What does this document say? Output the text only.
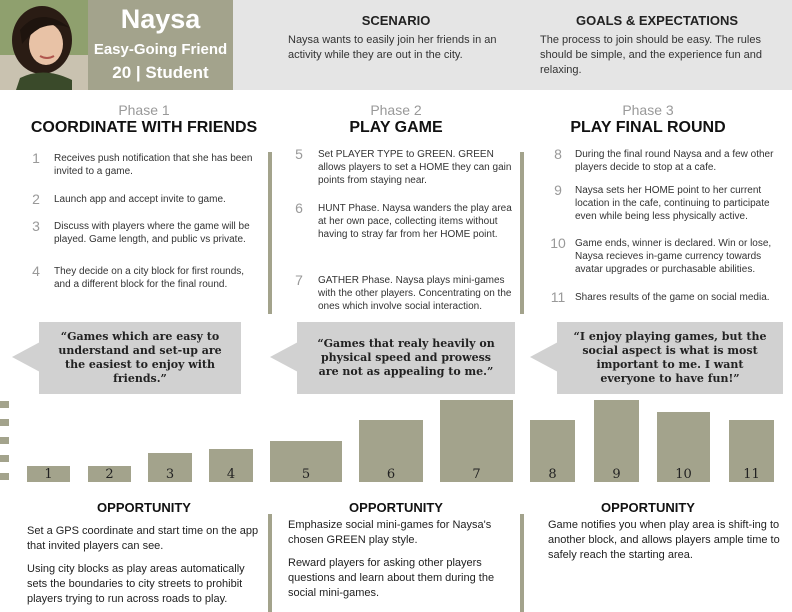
Naysa
Easy-Going Friend
20 | Student
SCENARIO
Naysa wants to easily join her friends in an activity while they are out in the city.
GOALS & EXPECTATIONS
The process to join should be easy. The rules should be simple, and the experience fun and relaxing.
Phase 1
COORDINATE WITH FRIENDS
Phase 2
PLAY GAME
Phase 3
PLAY FINAL ROUND
1	Receives push notification that she has been invited to a game.
2	Launch app and accept invite to game.
3	Discuss with players where the game will be played. Game length, and public vs private.
4	They decide on a city block for first rounds, and a different block for the final round.
5	Set PLAYER TYPE to GREEN. GREEN allows players to set a HOME they can gain points from staying near.
6	HUNT Phase. Naysa wanders the play area at her own pace, collecting items without having to stray far from her HOME point.
7	GATHER Phase. Naysa plays mini-games with the other players. Concentrating on the ones which involve social interaction.
8	During the final round Naysa and a few other players decide to stop at a cafe.
9	Naysa sets her HOME point to her current location in the cafe, continuing to participate even while being less physically active.
10 Game ends, winner is declared. Win or lose, Naysa recieves in-game currency towards avatar upgrades or purchasable abilities.
11 Shares results of the game on social media.
“Games which are easy to understand and set-up are the easiest to enjoy with friends.”
“Games that realy heavily on physical speed and prowess are not as appealing to me.”
“I enjoy playing games, but the social aspect is what is most important to me. I want everyone to have fun!”
1	2	3	4	5	6	7	8	9	10	11
OPPORTUNITY
Set a GPS coordinate and start time on the app that invited players can see.
Using city blocks as play areas automatically sets the boundaries to city streets to prohibit players trying to run across roads to play.
OPPORTUNITY
Emphasize social mini-games for Naysa's chosen GREEN play style.
Reward players for asking other players questions and learn about them during the social mini-games.
OPPORTUNITY
Game notifies you when play area is shift-ing to another block, and allows players ample time to safely reach the starting area.
